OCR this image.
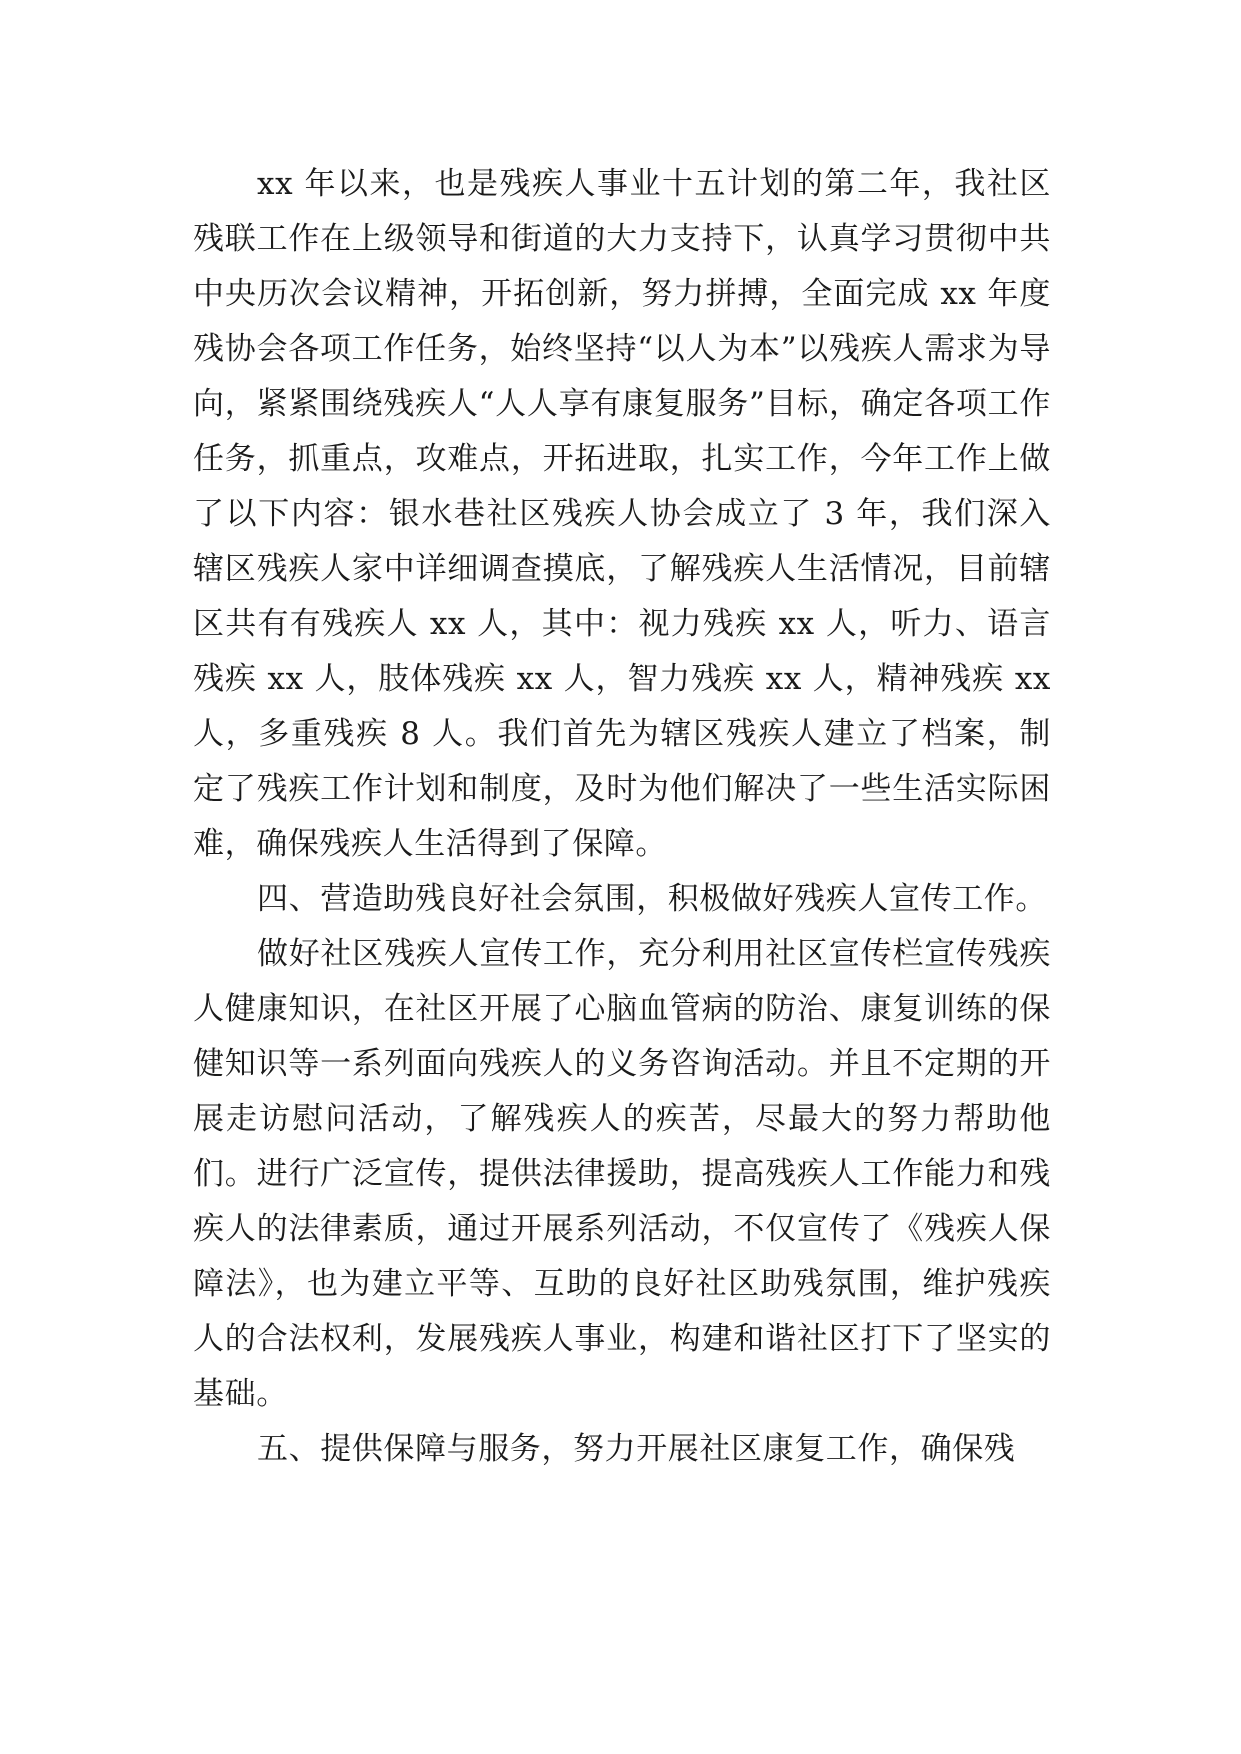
xx 年以来，也是残疾人事业十五计划的第二年，我社区残联工作在上级领导和街道的大力支持下，认真学习贯彻中共中央历次会议精神，开拓创新，努力拼搏，全面完成 xx 年度残协会各项工作任务，始终坚持“以人为本”以残疾人需求为导向，紧紧围绕残疾人“人人享有康复服务”目标，确定各项工作任务，抓重点，攻难点，开拓进取，扎实工作，今年工作上做了以下内容：银水巷社区残疾人协会成立了 3 年，我们深入辖区残疾人家中详细调查摸底，了解残疾人生活情况，目前辖区共有有残疾人 xx 人，其中：视力残疾 xx 人，听力、语言残疾 xx 人，肢体残疾 xx 人，智力残疾 xx 人，精神残疾 xx 人，多重残疾 8 人。我们首先为辖区残疾人建立了档案，制定了残疾工作计划和制度，及时为他们解决了一些生活实际困难，确保残疾人生活得到了保障。

四、营造助残良好社会氛围，积极做好残疾人宣传工作。

做好社区残疾人宣传工作，充分利用社区宣传栏宣传残疾人健康知识，在社区开展了心脑血管病的防治、康复训练的保健知识等一系列面向残疾人的义务咨询活动。并且不定期的开展走访慰问活动，了解残疾人的疾苦，尽最大的努力帮助他们。进行广泛宣传，提供法律援助，提高残疾人工作能力和残疾人的法律素质，通过开展系列活动，不仅宣传了《残疾人保障法》，也为建立平等、互助的良好社区助残氛围，维护残疾人的合法权利，发展残疾人事业，构建和谐社区打下了坚实的基础。

五、提供保障与服务，努力开展社区康复工作，确保残
